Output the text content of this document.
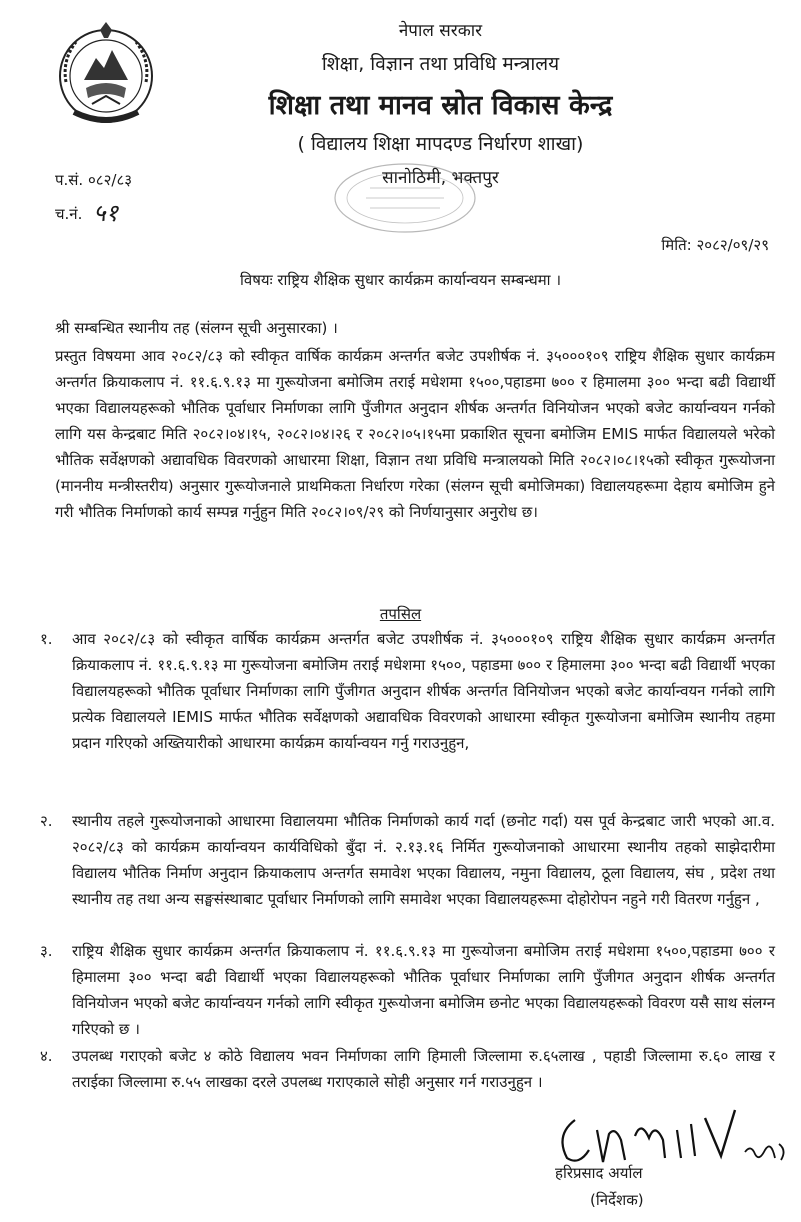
नेपाल सरकार
शिक्षा, विज्ञान तथा प्रविधि मन्त्रालय
शिक्षा तथा मानव स्रोत विकास केन्द्र
( विद्यालय शिक्षा मापदण्ड निर्धारण शाखा)
सानोठिमी, भक्तपुर
प.सं. ०८२/८३
च.नं. ५१
मिति: २०८२/०९/२९
विषयः राष्ट्रिय शैक्षिक सुधार कार्यक्रम कार्यान्वयन सम्बन्धमा ।
श्री सम्बन्धित स्थानीय तह (संलग्न सूची अनुसारका) ।
प्रस्तुत विषयमा आव २०८२/८३ को स्वीकृत वार्षिक कार्यक्रम अन्तर्गत बजेट उपशीर्षक नं. ३५०००१०९ राष्ट्रिय शैक्षिक सुधार कार्यक्रम अन्तर्गत क्रियाकलाप नं. ११.६.९.१३ मा गुरूयोजना बमोजिम तराई मधेशमा १५००,पहाडमा ७०० र हिमालमा ३०० भन्दा बढी विद्यार्थी भएका विद्यालयहरूको भौतिक पूर्वाधार निर्माणका लागि पुँजीगत अनुदान शीर्षक अन्तर्गत विनियोजन भएको बजेट कार्यान्वयन गर्नको लागि यस केन्द्रबाट मिति २०८२।०४।१५, २०८२।०४।२६ र २०८२।०५।१५मा प्रकाशित सूचना बमोजिम EMIS मार्फत विद्यालयले भरेको भौतिक सर्वेक्षणको अद्यावधिक विवरणको आधारमा शिक्षा, विज्ञान तथा प्रविधि मन्त्रालयको मिति २०८२।०८।१५को स्वीकृत गुरूयोजना (माननीय मन्त्रीस्तरीय) अनुसार गुरूयोजनाले प्राथमिकता निर्धारण गरेका (संलग्न सूची बमोजिमका) विद्यालयहरूमा देहाय बमोजिम हुने गरी भौतिक निर्माणको कार्य सम्पन्न गर्नुहुन मिति २०८२।०९/२९ को निर्णयानुसार अनुरोध छ।
तपसिल
१.	आव २०८२/८३ को स्वीकृत वार्षिक कार्यक्रम अन्तर्गत बजेट उपशीर्षक नं. ३५०००१०९ राष्ट्रिय शैक्षिक सुधार कार्यक्रम अन्तर्गत क्रियाकलाप नं. ११.६.९.१३ मा गुरूयोजना बमोजिम तराई मधेशमा १५००, पहाडमा ७०० र हिमालमा ३०० भन्दा बढी विद्यार्थी भएका विद्यालयहरूको भौतिक पूर्वाधार निर्माणका लागि पुँजीगत अनुदान शीर्षक अन्तर्गत विनियोजन भएको बजेट कार्यान्वयन गर्नको लागि प्रत्येक विद्यालयले IEMIS मार्फत भौतिक सर्वेक्षणको अद्यावधिक विवरणको आधारमा स्वीकृत गुरूयोजना बमोजिम स्थानीय तहमा प्रदान गरिएको अख्तियारीको आधारमा कार्यक्रम कार्यान्वयन गर्नु गराउनुहुन,
२.	स्थानीय तहले गुरूयोजनाको आधारमा विद्यालयमा भौतिक निर्माणको कार्य गर्दा (छनोट गर्दा) यस पूर्व केन्द्रबाट जारी भएको आ.व. २०८२/८३ को कार्यक्रम कार्यान्वयन कार्यविधिको बुँदा नं. २.१३.१६ निर्मित गुरूयोजनाको आधारमा स्थानीय तहको साझेदारीमा विद्यालय भौतिक निर्माण अनुदान क्रियाकलाप अन्तर्गत समावेश भएका विद्यालय, नमुना विद्यालय, ठूला विद्यालय, संघ , प्रदेश तथा स्थानीय तह तथा अन्य सङ्घसंस्थाबाट पूर्वाधार निर्माणको लागि समावेश भएका विद्यालयहरूमा दोहोरोपन नहुने गरी वितरण गर्नुहुन ,
३.	राष्ट्रिय शैक्षिक सुधार कार्यक्रम अन्तर्गत क्रियाकलाप नं. ११.६.९.१३ मा गुरूयोजना बमोजिम तराई मधेशमा १५००,पहाडमा ७०० र हिमालमा ३०० भन्दा बढी विद्यार्थी भएका विद्यालयहरूको भौतिक पूर्वाधार निर्माणका लागि पुँजीगत अनुदान शीर्षक अन्तर्गत विनियोजन भएको बजेट कार्यान्वयन गर्नको लागि स्वीकृत गुरूयोजना बमोजिम छनोट भएका विद्यालयहरूको विवरण यसै साथ संलग्न गरिएको छ ।
४.	उपलब्ध गराएको बजेट ४ कोठे विद्यालय भवन निर्माणका लागि हिमाली जिल्लामा रु.६५लाख , पहाडी जिल्लामा रु.६० लाख र तराईका जिल्लामा रु.५५ लाखका दरले उपलब्ध गराएकाले सोही अनुसार गर्न गराउनुहुन ।
हरिप्रसाद अर्याल
(निर्देशक)
